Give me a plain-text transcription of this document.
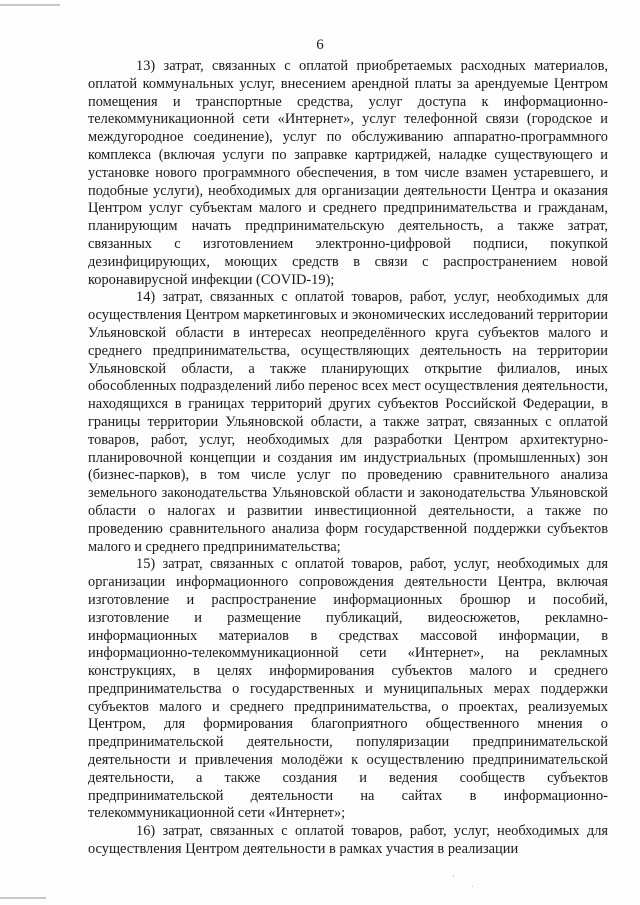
6

13) затрат, связанных с оплатой приобретаемых расходных материалов, оплатой коммунальных услуг, внесением арендной платы за арендуемые Центром помещения и транспортные средства, услуг доступа к информационно-телекоммуникационной сети «Интернет», услуг телефонной связи (городское и междугородное соединение), услуг по обслуживанию аппаратно-программного комплекса (включая услуги по заправке картриджей, наладке существующего и установке нового программного обеспечения, в том числе взамен устаревшего, и подобные услуги), необходимых для организации деятельности Центра и оказания Центром услуг субъектам малого и среднего предпринимательства и гражданам, планирующим начать предпринимательскую деятельность, а также затрат, связанных с изготовлением электронно-цифровой подписи, покупкой дезинфицирующих, моющих средств в связи с распространением новой коронавирусной инфекции (COVID-19);

14) затрат, связанных с оплатой товаров, работ, услуг, необходимых для осуществления Центром маркетинговых и экономических исследований территории Ульяновской области в интересах неопределённого круга субъектов малого и среднего предпринимательства, осуществляющих деятельность на территории Ульяновской области, а также планирующих открытие филиалов, иных обособленных подразделений либо перенос всех мест осуществления деятельности, находящихся в границах территорий других субъектов Российской Федерации, в границы территории Ульяновской области, а также затрат, связанных с оплатой товаров, работ, услуг, необходимых для разработки Центром архитектурно-планировочной концепции и создания им индустриальных (промышленных) зон (бизнес-парков), в том числе услуг по проведению сравнительного анализа земельного законодательства Ульяновской области и законодательства Ульяновской области о налогах и развитии инвестиционной деятельности, а также по проведению сравнительного анализа форм государственной поддержки субъектов малого и среднего предпринимательства;

15) затрат, связанных с оплатой товаров, работ, услуг, необходимых для организации информационного сопровождения деятельности Центра, включая изготовление и распространение информационных брошюр и пособий, изготовление и размещение публикаций, видеосюжетов, рекламно-информационных материалов в средствах массовой информации, в информационно-телекоммуникационной сети «Интернет», на рекламных конструкциях, в целях информирования субъектов малого и среднего предпринимательства о государственных и муниципальных мерах поддержки субъектов малого и среднего предпринимательства, о проектах, реализуемых Центром, для формирования благоприятного общественного мнения о предпринимательской деятельности, популяризации предпринимательской деятельности и привлечения молодёжи к осуществлению предпринимательской деятельности, а также создания и ведения сообществ субъектов предпринимательской деятельности на сайтах в информационно-телекоммуникационной сети «Интернет»;

16) затрат, связанных с оплатой товаров, работ, услуг, необходимых для осуществления Центром деятельности в рамках участия в реализации

·
˙
